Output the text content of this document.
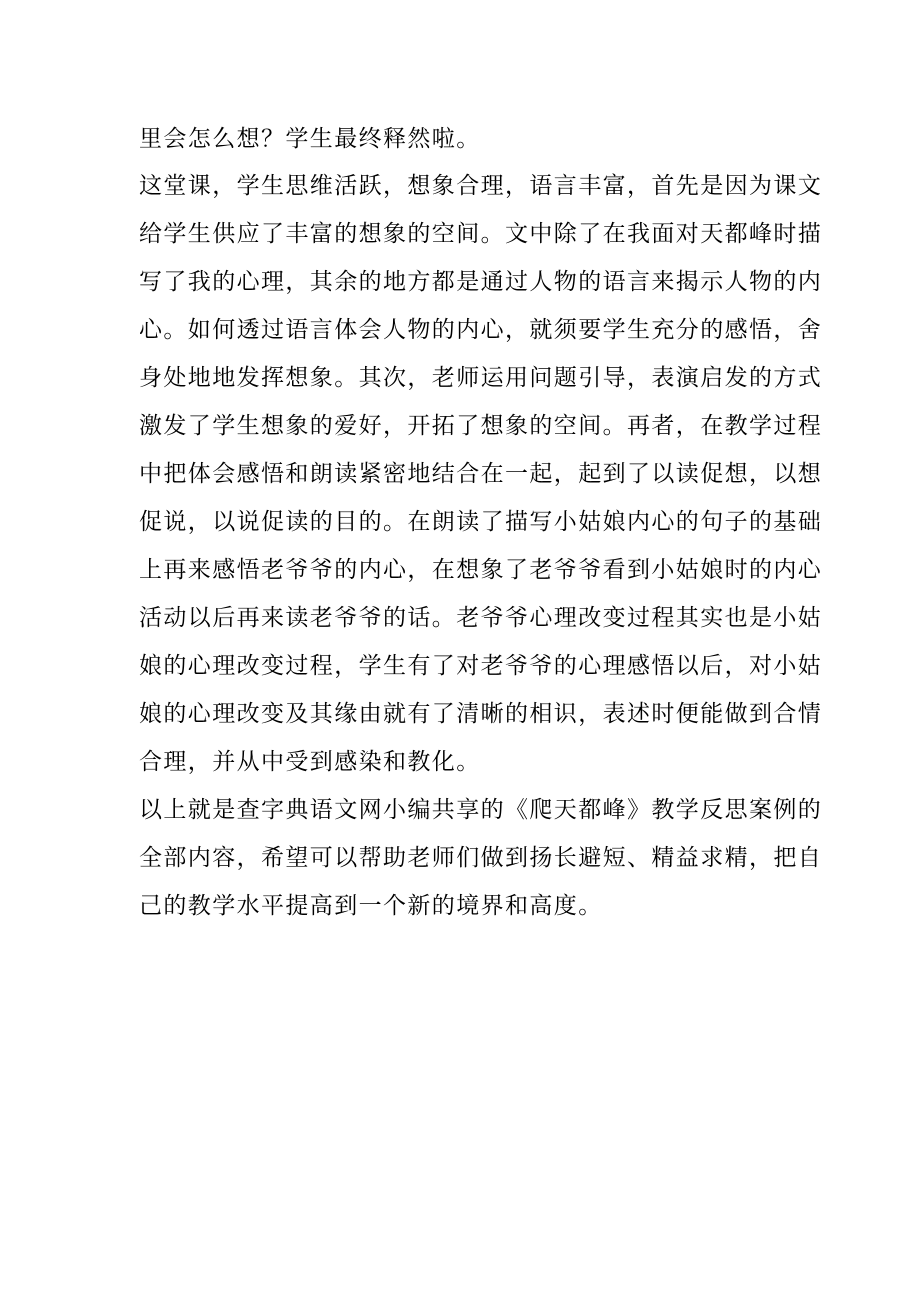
里会怎么想？学生最终释然啦。
这堂课，学生思维活跃，想象合理，语言丰富，首先是因为课文
给学生供应了丰富的想象的空间。文中除了在我面对天都峰时描
写了我的心理，其余的地方都是通过人物的语言来揭示人物的内
心。如何透过语言体会人物的内心，就须要学生充分的感悟，舍
身处地地发挥想象。其次，老师运用问题引导，表演启发的方式
激发了学生想象的爱好，开拓了想象的空间。再者，在教学过程
中把体会感悟和朗读紧密地结合在一起，起到了以读促想，以想
促说，以说促读的目的。在朗读了描写小姑娘内心的句子的基础
上再来感悟老爷爷的内心，在想象了老爷爷看到小姑娘时的内心
活动以后再来读老爷爷的话。老爷爷心理改变过程其实也是小姑
娘的心理改变过程，学生有了对老爷爷的心理感悟以后，对小姑
娘的心理改变及其缘由就有了清晰的相识，表述时便能做到合情
合理，并从中受到感染和教化。
以上就是查字典语文网小编共享的《爬天都峰》教学反思案例的
全部内容，希望可以帮助老师们做到扬长避短、精益求精，把自
己的教学水平提高到一个新的境界和高度。
